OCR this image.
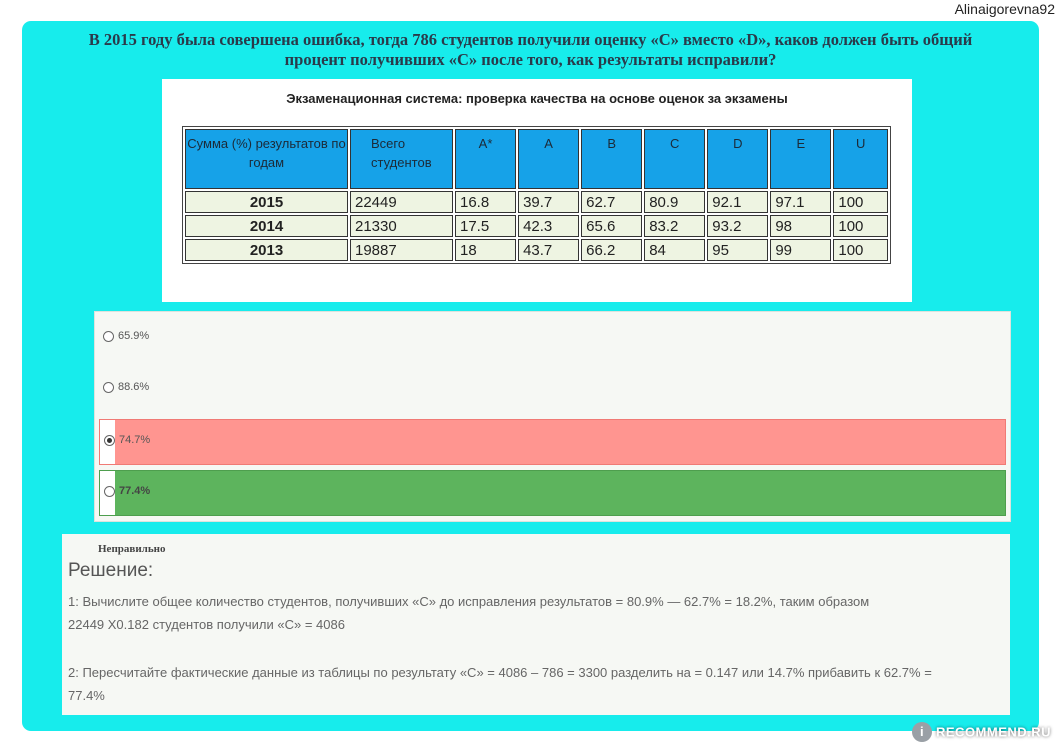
Alinaigorevna92
В 2015 году была совершена ошибка, тогда 786 студентов получили оценку «С» вместо «D», каков должен быть общий
процент получивших «С» после того, как результаты исправили?
Экзаменационная система: проверка качества на основе оценок за экзамены
Сумма (%) результатов по годам	Всего студентов	A*	A	B	C	D	E	U
2015	22449	16.8	39.7	62.7	80.9	92.1	97.1	100
2014	21330	17.5	42.3	65.6	83.2	93.2	98	100
2013	19887	18	43.7	66.2	84	95	99	100
65.9%
88.6%
74.7%
77.4%
Неправильно
Решение:
1: Вычислите общее количество студентов, получивших «С» до исправления результатов = 80.9% — 62.7% = 18.2%, таким образом
22449 X0.182 студентов получили «С» = 4086
2: Пересчитайте фактические данные из таблицы по результату «С» = 4086 – 786 = 3300 разделить на = 0.147 или 14.7% прибавить к 62.7% =
77.4%
i RECOMMEND.RU
